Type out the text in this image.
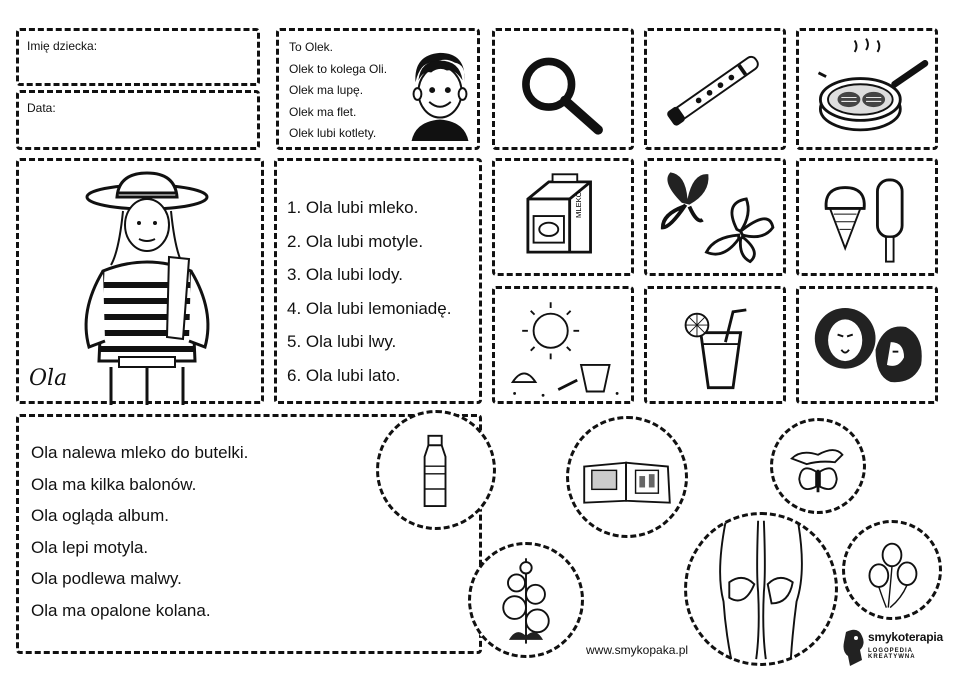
Imię dziecka:
Data:
To Olek.
Olek to kolega Oli.
Olek ma lupę.
Olek ma flet.
Olek lubi kotlety.
Ola
1. Ola lubi mleko.
2. Ola lubi motyle.
3. Ola lubi lody.
4. Ola lubi lemoniadę.
5. Ola lubi lwy.
6. Ola lubi lato.
MLEKO
Ola nalewa mleko do butelki.
Ola ma kilka balonów.
Ola ogląda album.
Ola lepi motyla.
Ola podlewa malwy.
Ola ma opalone kolana.
www.smykopaka.pl
smykoterapia
LOGOPEDIA KREATYWNA
